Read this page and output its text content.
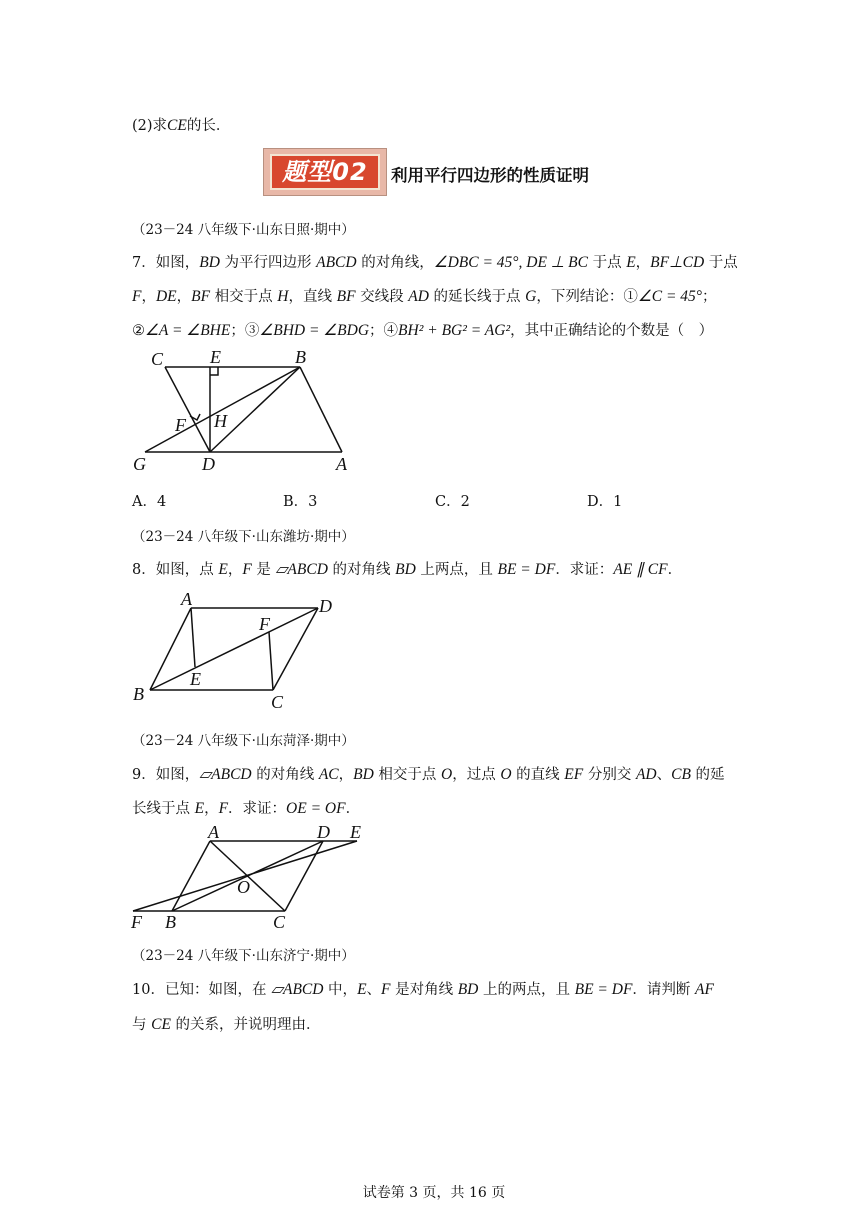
(2)求CE的长．
题型02	利用平行四边形的性质证明
（23－24 八年级下·山东日照·期中）
7．如图，BD 为平行四边形 ABCD 的对角线，∠DBC = 45°, DE ⊥ BC 于点 E，BF⊥CD 于点
F，DE，BF 相交于点 H，直线 BF 交线段 AD 的延长线于点 G，下列结论：①∠C = 45°；
②∠A = ∠BHE；③∠BHD = ∠BDG；④BH² + BG² = AG²，其中正确结论的个数是（　）
C	E	B
F H
G	D	A
A．4	B．3	C．2	D．1
（23－24 八年级下·山东潍坊·期中）
8．如图，点 E，F 是 ▱ABCD 的对角线 BD 上两点，且 BE = DF．求证：AE ∥ CF．
A	D
F
E
B	C
（23－24 八年级下·山东菏泽·期中）
9．如图，▱ABCD 的对角线 AC，BD 相交于点 O，过点 O 的直线 EF 分别交 AD、CB 的延
长线于点 E，F．求证：OE = OF．
A	D E
O
F B	C
（23－24 八年级下·山东济宁·期中）
10．已知：如图，在 ▱ABCD 中，E、F 是对角线 BD 上的两点，且 BE = DF．请判断 AF
与 CE 的关系，并说明理由．
试卷第 3 页，共 16 页
